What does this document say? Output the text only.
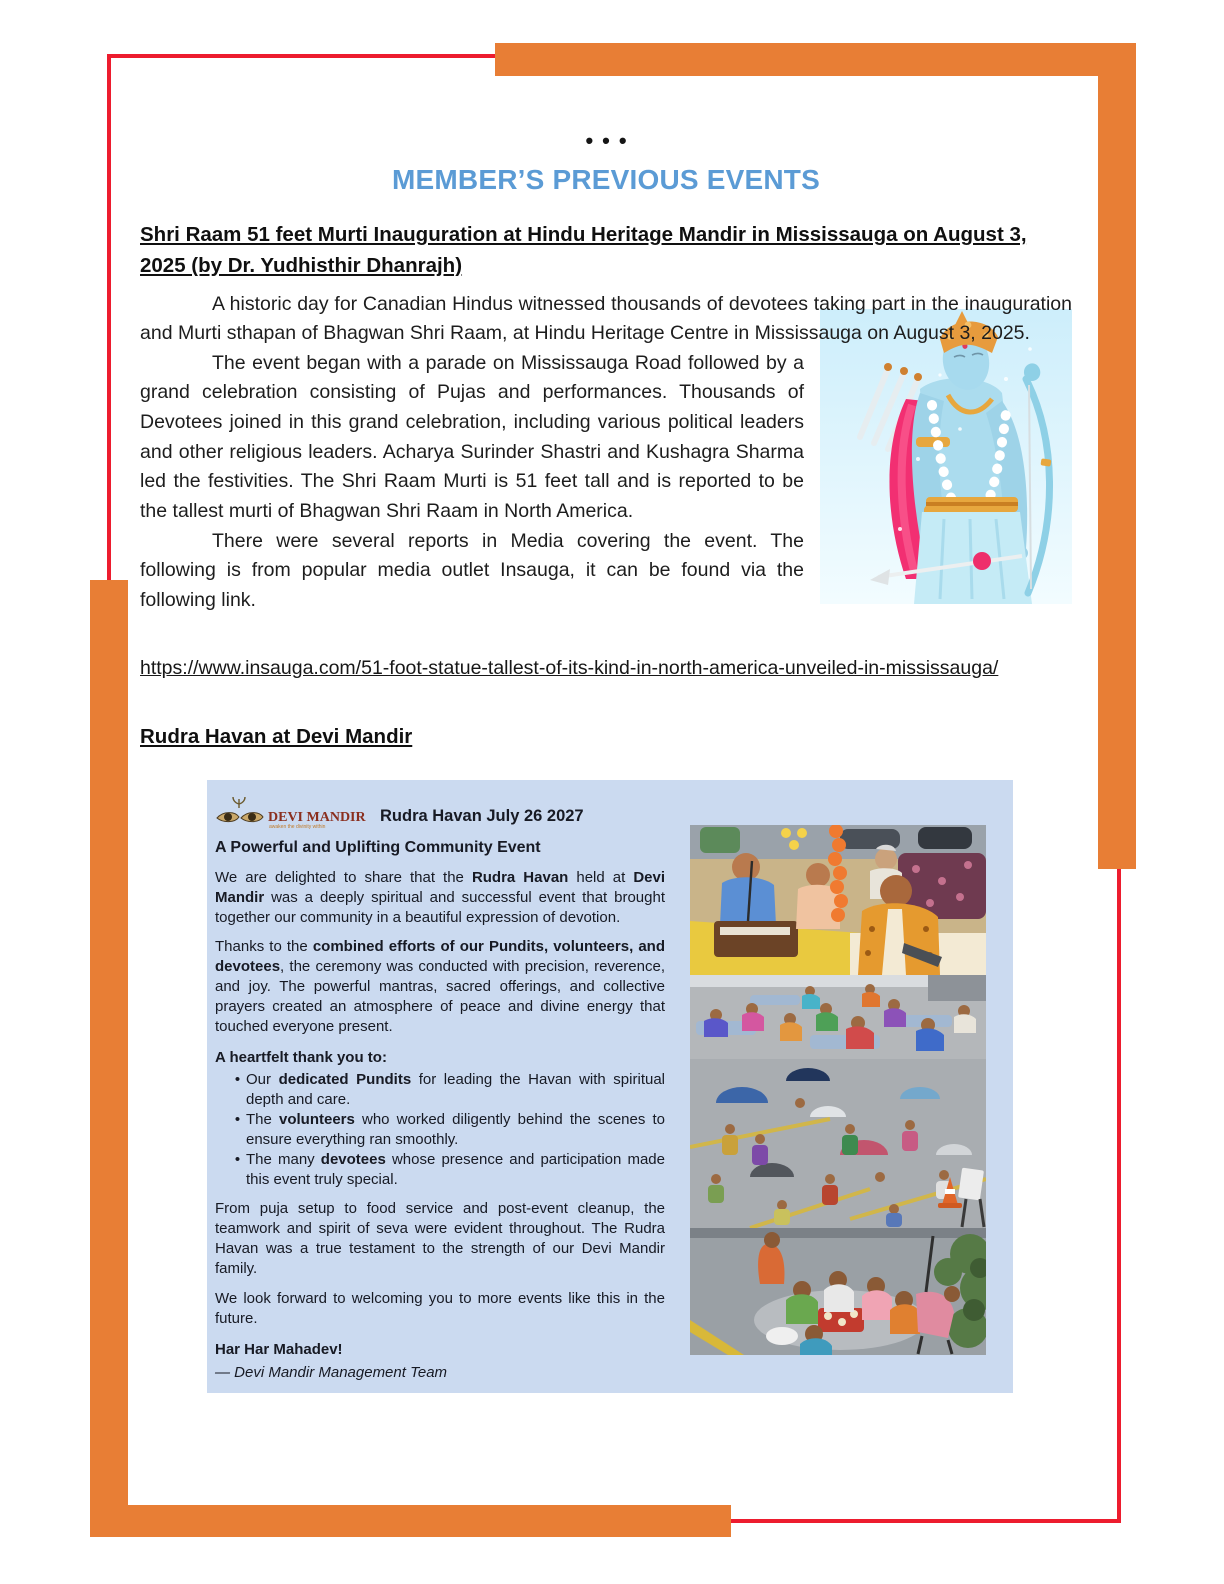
•••
MEMBER’S PREVIOUS EVENTS
Shri Raam 51 feet Murti Inauguration at Hindu Heritage Mandir in Mississauga on August 3, 2025 (by Dr. Yudhisthir Dhanrajh)

A historic day for Canadian Hindus witnessed thousands of devotees taking part in the inauguration and Murti sthapan of Bhagwan Shri Raam, at Hindu Heritage Centre in Mississauga on August 3, 2025.

The event began with a parade on Mississauga Road followed by a grand celebration consisting of Pujas and performances. Thousands of Devotees joined in this grand celebration, including various political leaders and other religious leaders. Acharya Surinder Shastri and Kushagra Sharma led the festivities. The Shri Raam Murti is 51 feet tall and is reported to be the tallest murti of Bhagwan Shri Raam in North America.

There were several reports in Media covering the event. The following is from popular media outlet Insauga, it can be found via the following link.

https://www.insauga.com/51-foot-statue-tallest-of-its-kind-in-north-america-unveiled-in-mississauga/

Rudra Havan at Devi Mandir
DEVI MANDIR
awaken the divinity within
Rudra Havan July 26 2027
A Powerful and Uplifting Community Event

We are delighted to share that the Rudra Havan held at Devi Mandir was a deeply spiritual and successful event that brought together our community in a beautiful expression of devotion.

Thanks to the combined efforts of our Pundits, volunteers, and devotees, the ceremony was conducted with precision, reverence, and joy. The powerful mantras, sacred offerings, and collective prayers created an atmosphere of peace and divine energy that touched everyone present.

A heartfelt thank you to:
• Our dedicated Pundits for leading the Havan with spiritual depth and care.
• The volunteers who worked diligently behind the scenes to ensure everything ran smoothly.
• The many devotees whose presence and participation made this event truly special.

From puja setup to food service and post-event cleanup, the teamwork and spirit of seva were evident throughout. The Rudra Havan was a true testament to the strength of our Devi Mandir family.

We look forward to welcoming you to more events like this in the future.

Har Har Mahadev!
— Devi Mandir Management Team
